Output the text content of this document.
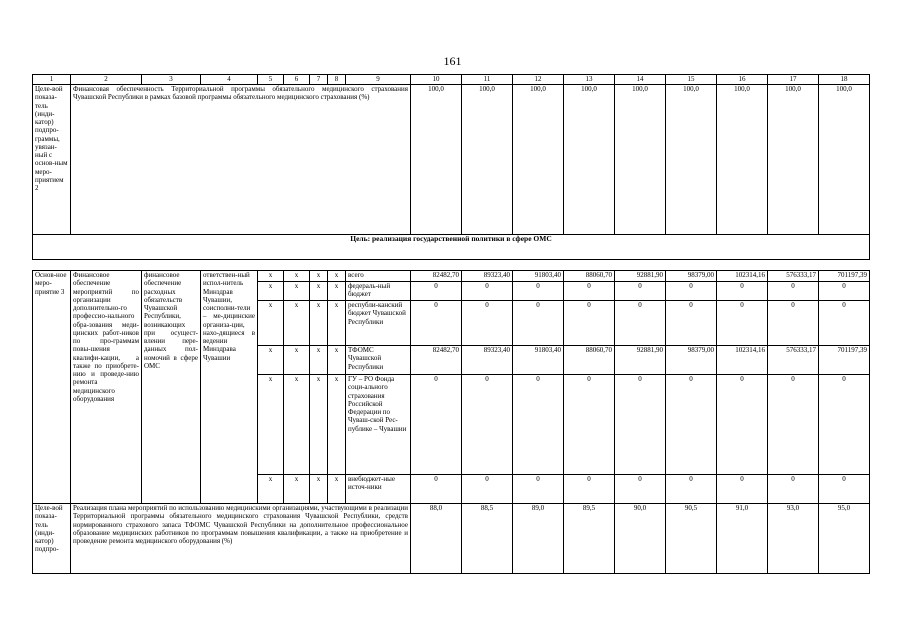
161
1	2	3	4	5	6	7	8	9	10	11	12	13	14	15	16	17	18
Целе-вой показа-тель (инди-катор) подпро-граммы, увязан-ный с основ-ным меро-приятием 2	Финансовая обеспеченность Территориальной программы обязательного медицинского страхования Чувашской Республики в рамках базовой программы обязательного медицинского страхования (%)								100,0	100,0	100,0	100,0	100,0	100,0	100,0	100,0	100,0
Цель: реализация государственной политики в сфере ОМС																	

Основ-ное меро-приятие 3	Финансовое обеспечение мероприятий по организации дополнительно-го профессио-нального обра-зования меди-цинских работ-ников по про-граммам повы-шения квалифи-кации, а также по приобрете-нию и проведе-нию ремонта медицинского оборудования	финансовое обеспечение расходных обязательств Чувашской Республики, возникающих при осущест-влении пере-данных пол-номочий в сфере ОМС	ответствен-ный испол-нитель Минздрав Чувашии, соисполни-тели – ме-дицинские организа-ции, нахо-дящиеся в ведении Минздрава Чувашии	x	x	x	x	всего	82482,70	89323,40	91803,40	88060,70	92881,90	98379,00	102314,16	576333,17	701197,39
				x	x	x	x	федераль-ный бюджет	0	0	0	0	0	0	0	0	0
				x	x	x	x	республи-канский бюджет Чувашской Республики	0	0	0	0	0	0	0	0	0
				x	x	x	x	ТФОМС Чувашской Республики	82482,70	89323,40	91803,40	88060,70	92881,90	98379,00	102314,16	576333,17	701197,39
				x	x	x	x	ГУ – РО Фонда соци-ального страхования Российской Федерации по Чуваш-ской Рес-публике – Чувашии	0	0	0	0	0	0	0	0	0
				x	x	x	x	внебюджет-ные источ-ники	0	0	0	0	0	0	0	0	0
Целе-вой показа-тель (инди-катор) подпро-	Реализация плана мероприятий по использованию медицинскими организациями, участвующими в реализации Территориальной программы обязательного медицинского страхования Чувашской Республики, средств нормированного страхового запаса ТФОМС Чувашской Республики на дополнительное профессиональное образование медицинских работников по программам повышения квалификации, а также на приобретение и проведение ремонта медицинского оборудования (%)								88,0	88,5	89,0	89,5	90,0	90,5	91,0	93,0	95,0
